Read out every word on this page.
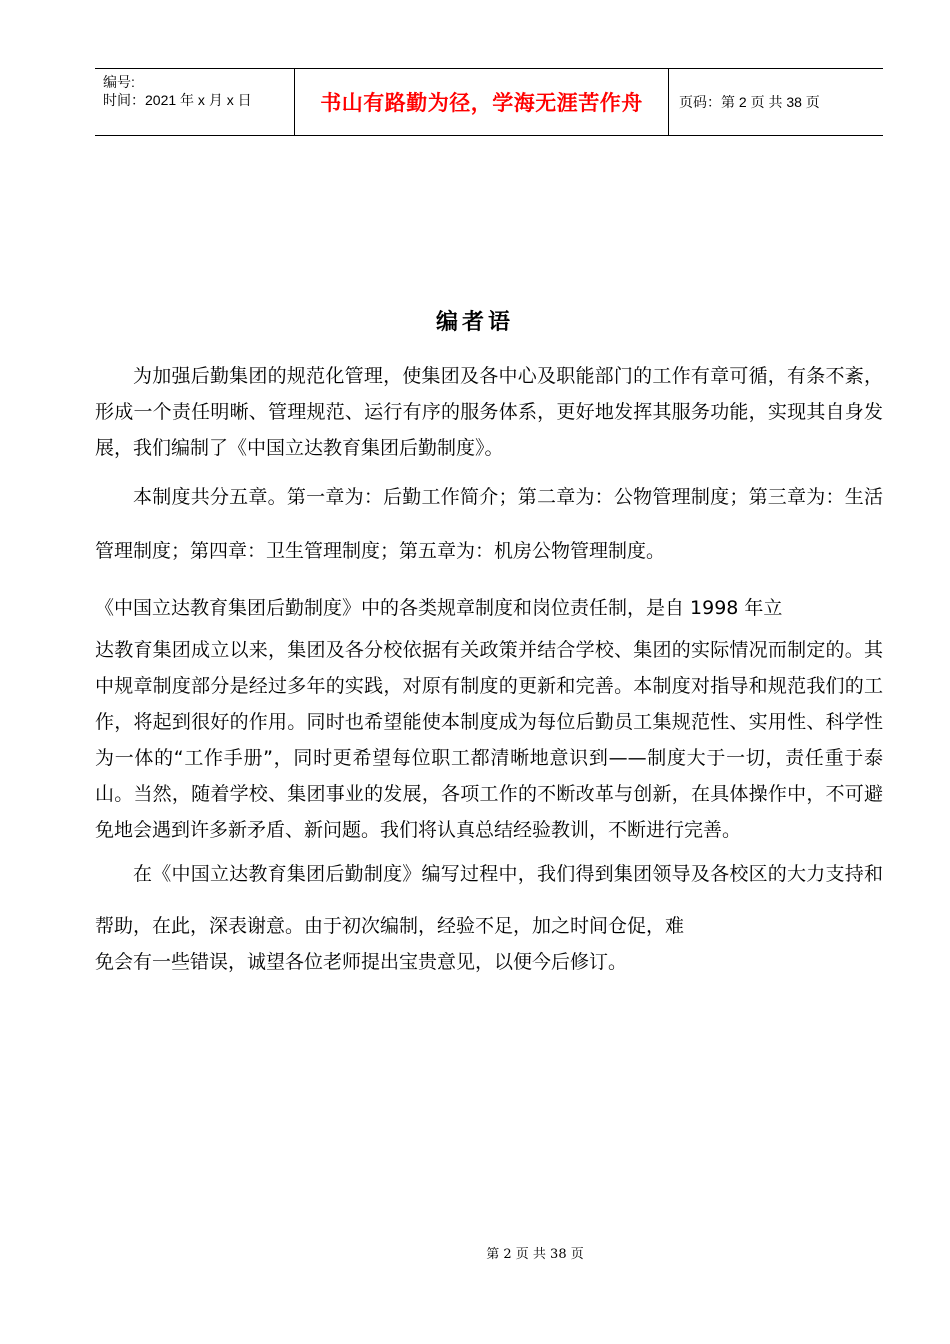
编号:
时间：2021 年 x 月 x 日	书山有路勤为径，学海无涯苦作舟	页码：第 2 页 共 38 页
编者语

为加强后勤集团的规范化管理，使集团及各中心及职能部门的工作有章可循，有条不紊，形成一个责任明晰、管理规范、运行有序的服务体系，更好地发挥其服务功能，实现其自身发展，我们编制了《中国立达教育集团后勤制度》。

本制度共分五章。第一章为：后勤工作简介；第二章为：公物管理制度；第三章为：生活管理制度；第四章：卫生管理制度；第五章为：机房公物管理制度。

《中国立达教育集团后勤制度》中的各类规章制度和岗位责任制，是自 1998 年立
达教育集团成立以来，集团及各分校依据有关政策并结合学校、集团的实际情况而制定的。其中规章制度部分是经过多年的实践，对原有制度的更新和完善。本制度对指导和规范我们的工作，将起到很好的作用。同时也希望能使本制度成为每位后勤员工集规范性、实用性、科学性为一体的“工作手册”，同时更希望每位职工都清晰地意识到——制度大于一切，责任重于泰山。当然，随着学校、集团事业的发展，各项工作的不断改革与创新，在具体操作中，不可避免地会遇到许多新矛盾、新问题。我们将认真总结经验教训，不断进行完善。

在《中国立达教育集团后勤制度》编写过程中，我们得到集团领导及各校区的大力支持和帮助，在此，深表谢意。由于初次编制，经验不足，加之时间仓促，难
免会有一些错误，诚望各位老师提出宝贵意见，以便今后修订。

第 2 页 共 38 页
